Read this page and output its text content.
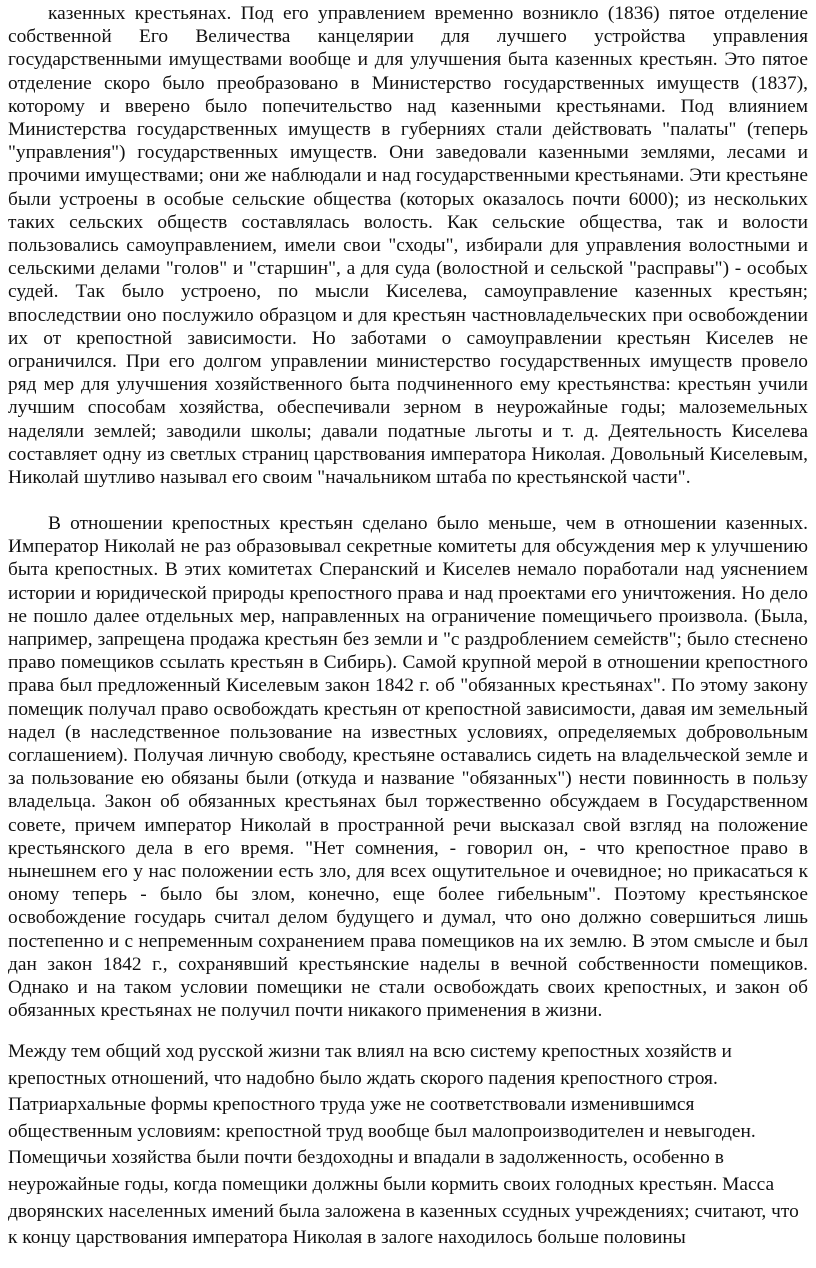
казенных крестьянах. Под его управлением временно возникло (1836) пятое отделение собственной Его Величества канцелярии для лучшего устройства управления государственными имуществами вообще и для улучшения быта казенных крестьян. Это пятое отделение скоро было преобразовано в Министерство государственных имуществ (1837), которому и вверено было попечительство над казенными крестьянами. Под влиянием Министерства государственных имуществ в губерниях стали действовать "палаты" (теперь "управления") государственных имуществ. Они заведовали казенными землями, лесами и прочими имуществами; они же наблюдали и над государственными крестьянами. Эти крестьяне были устроены в особые сельские общества (которых оказалось почти 6000); из нескольких таких сельских обществ составлялась волость. Как сельские общества, так и волости пользовались самоуправлением, имели свои "сходы", избирали для управления волостными и сельскими делами "голов" и "старшин", а для суда (волостной и сельской "расправы") - особых судей. Так было устроено, по мысли Киселева, самоуправление казенных крестьян; впоследствии оно послужило образцом и для крестьян частновладельческих при освобождении их от крепостной зависимости. Но заботами о самоуправлении крестьян Киселев не ограничился. При его долгом управлении министерство государственных имуществ провело ряд мер для улучшения хозяйственного быта подчиненного ему крестьянства: крестьян учили лучшим способам хозяйства, обеспечивали зерном в неурожайные годы; малоземельных наделяли землей; заводили школы; давали податные льготы и т. д. Деятельность Киселева составляет одну из светлых страниц царствования императора Николая. Довольный Киселевым, Николай шутливо называл его своим "начальником штаба по крестьянской части".

В отношении крепостных крестьян сделано было меньше, чем в отношении казенных. Император Николай не раз образовывал секретные комитеты для обсуждения мер к улучшению быта крепостных. В этих комитетах Сперанский и Киселев немало поработали над уяснением истории и юридической природы крепостного права и над проектами его уничтожения. Но дело не пошло далее отдельных мер, направленных на ограничение помещичьего произвола. (Была, например, запрещена продажа крестьян без земли и "с раздроблением семейств"; было стеснено право помещиков ссылать крестьян в Сибирь). Самой крупной мерой в отношении крепостного права был предложенный Киселевым закон 1842 г. об "обязанных крестьянах". По этому закону помещик получал право освобождать крестьян от крепостной зависимости, давая им земельный надел (в наследственное пользование на известных условиях, определяемых добровольным соглашением). Получая личную свободу, крестьяне оставались сидеть на владельческой земле и за пользование ею обязаны были (откуда и название "обязанных") нести повинность в пользу владельца. Закон об обязанных крестьянах был торжественно обсуждаем в Государственном совете, причем император Николай в пространной речи высказал свой взгляд на положение крестьянского дела в его время. "Нет сомнения, - говорил он, - что крепостное право в нынешнем его у нас положении есть зло, для всех ощутительное и очевидное; но прикасаться к оному теперь - было бы злом, конечно, еще более гибельным". Поэтому крестьянское освобождение государь считал делом будущего и думал, что оно должно совершиться лишь постепенно и с непременным сохранением права помещиков на их землю. В этом смысле и был дан закон 1842 г., сохранявший крестьянские наделы в вечной собственности помещиков. Однако и на таком условии помещики не стали освобождать своих крепостных, и закон об обязанных крестьянах не получил почти никакого применения в жизни.

Между тем общий ход русской жизни так влиял на всю систему крепостных хозяйств и крепостных отношений, что надобно было ждать скорого падения крепостного строя. Патриархальные формы крепостного труда уже не соответствовали изменившимся общественным условиям: крепостной труд вообще был малопроизводителен и невыгоден. Помещичьи хозяйства были почти бездоходны и впадали в задолженность, особенно в неурожайные годы, когда помещики должны были кормить своих голодных крестьян. Масса дворянских населенных имений была заложена в казенных ссудных учреждениях; считают, что к концу царствования императора Николая в залоге находилось больше половины
